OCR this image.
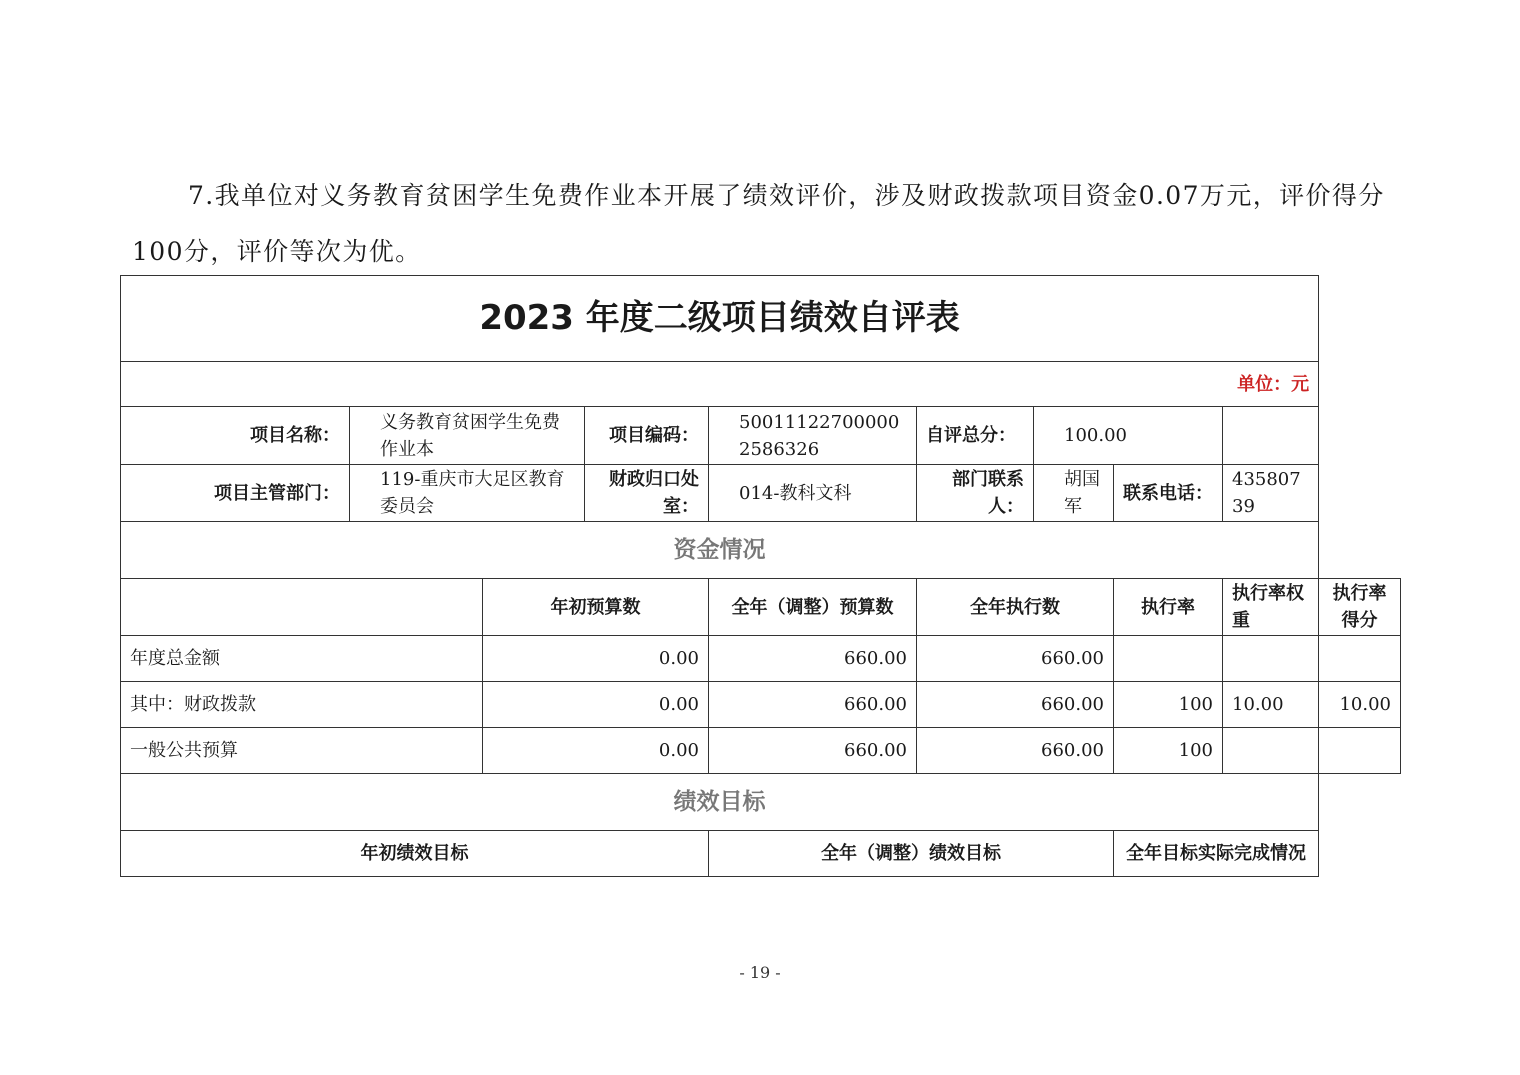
7.我单位对义务教育贫困学生免费作业本开展了绩效评价，涉及财政拨款项目资金0.07万元，评价得分100分，评价等次为优。

2023 年度二级项目绩效自评表									
单位：元									
项目名称：	义务教育贫困学生免费作业本		项目编码：	500111227000002586326	自评总分：	100.00			
项目主管部门：	119-重庆市大足区教育委员会		财政归口处室：	014-教科文科	部门联系人：	胡国军	联系电话：	43580739	
资金情况									
		年初预算数		全年（调整）预算数	全年执行数		执行率	执行率权重	执行率得分
年度总金额		0.00		660.00	660.00				
其中：财政拨款		0.00		660.00	660.00		100	10.00	10.00
一般公共预算		0.00		660.00	660.00		100		
绩效目标									
年初绩效目标				全年（调整）绩效目标			全年目标实际完成情况		
- 19 -
